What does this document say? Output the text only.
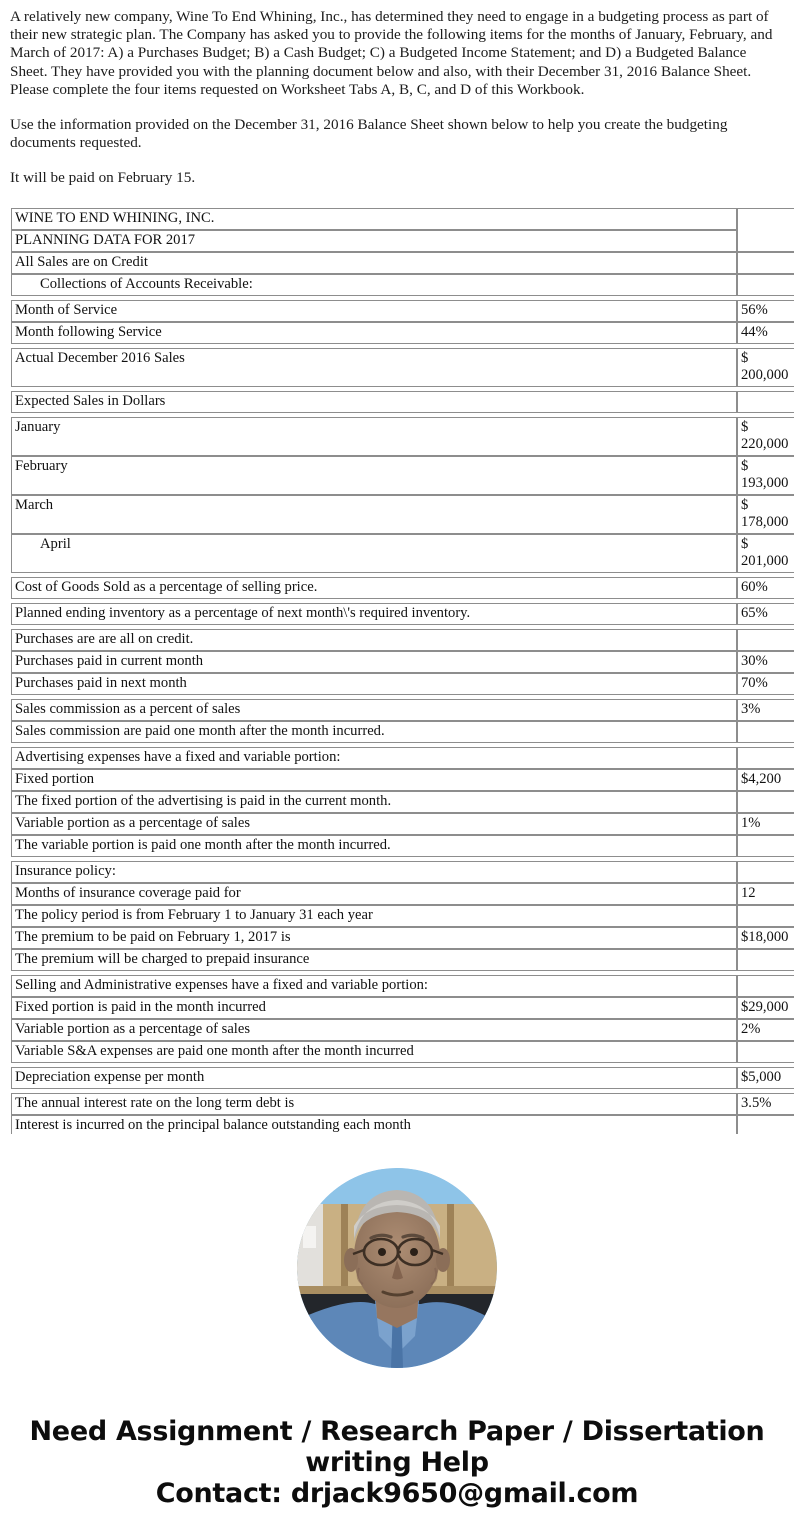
A relatively new company, Wine To End Whining, Inc., has determined they need to engage in a budgeting process as part of their new strategic plan. The Company has asked you to provide the following items for the months of January, February, and March of 2017: A) a Purchases Budget; B) a Cash Budget; C) a Budgeted Income Statement; and D) a Budgeted Balance Sheet. They have provided you with the planning document below and also, with their December 31, 2016 Balance Sheet. Please complete the four items requested on Worksheet Tabs A, B, C, and D of this Workbook.

Use the information provided on the December 31, 2016 Balance Sheet shown below to help you create the budgeting documents requested.

It will be paid on February 15.

WINE TO END WHINING, INC.	
PLANNING DATA FOR 2017	
All Sales are on Credit	
Collections of Accounts Receivable:	

Month of Service	56%
Month following Service	44%

Actual December 2016 Sales	$ 200,000

Expected Sales in Dollars	

January	$ 220,000
February	$ 193,000
March	$ 178,000
April	$ 201,000

Cost of Goods Sold as a percentage of selling price.	60%

Planned ending inventory as a percentage of next month\'s required inventory.	65%

Purchases are are all on credit.	
Purchases paid in current month	30%
Purchases paid in next month	70%

Sales commission as a percent of sales	3%
Sales commission are paid one month after the month incurred.	

Advertising expenses have a fixed and variable portion:	
Fixed portion	$4,200
The fixed portion of the advertising is paid in the current month.	
Variable portion as a percentage of sales	1%
The variable portion is paid one month after the month incurred.	

Insurance policy:	
Months of insurance coverage paid for	12
The policy period is from February 1 to January 31 each year	
The premium to be paid on February 1, 2017 is	$18,000
The premium will be charged to prepaid insurance	

Selling and Administrative expenses have a fixed and variable portion:	
Fixed portion is paid in the month incurred	$29,000
Variable portion as a percentage of sales	2%
Variable S&A expenses are paid one month after the month incurred	

Depreciation expense per month	$5,000

The annual interest rate on the long term debt is	3.5%
Interest is incurred on the principal balance outstanding each month	
Need Assignment / Research Paper / Dissertation
writing Help
Contact: drjack9650@gmail.com
